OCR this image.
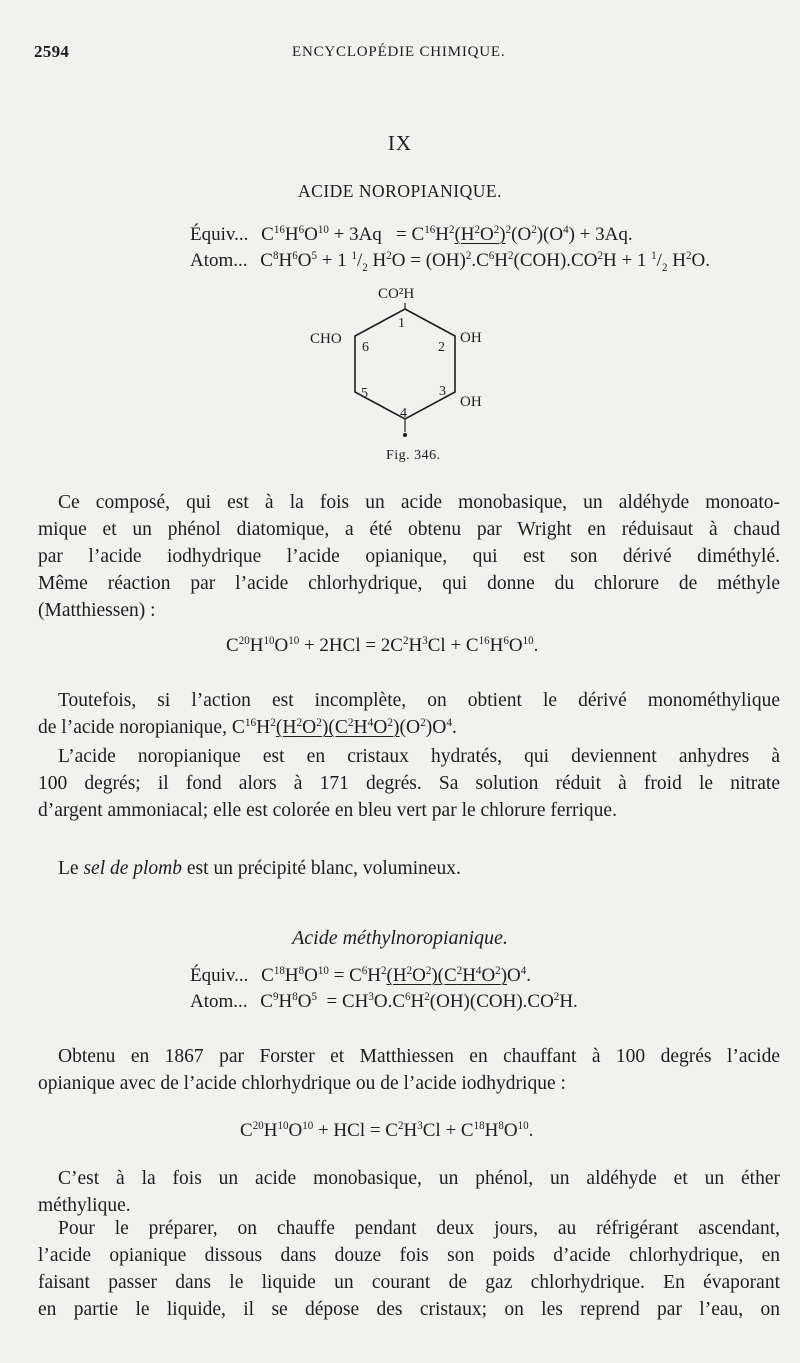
2594	ENCYCLOPÉDIE CHIMIQUE.
IX
ACIDE NOROPIANIQUE.
Équiv... $C^{16}H^6O^{10} + 3Aq = C^{16}H^2(H^2O^2)^2(O^2)(O^4) + 3Aq$.
Atom... $C^8H^6O^5 + 1$ $^1/_2$ $H^2O = (OH)^2.C^6H^2(COH).CO^2H + 1$ $^1/_2$ $H^2O$.
CO²H
CHO	OH
OH
1
2
3
4
5
6
Fig. 346.
Ce composé, qui est à la fois un acide monobasique, un aldéhyde monoato-
mique et un phénol diatomique, a été obtenu par Wright en réduisaut à chaud
par l’acide iodhydrique l’acide opianique, qui est son dérivé diméthylé.
Même réaction par l’acide chlorhydrique, qui donne du chlorure de méthyle
(Matthiessen) :
$C^{20}H^{10}O^{10} + 2HCl = 2C^2H^3Cl + C^{16}H^6O^{10}$.
Toutefois, si l’action est incomplète, on obtient le dérivé monométhylique
de l’acide noropianique, $C^{16}H^2(H^2O^2)(C^2H^4O^2)(O^2)O^4$.
L’acide noropianique est en cristaux hydratés, qui deviennent anhydres à
100 degrés; il fond alors à 171 degrés. Sa solution réduit à froid le nitrate
d’argent ammoniacal; elle est colorée en bleu vert par le chlorure ferrique.
Le sel de plomb est un précipité blanc, volumineux.
Acide méthylnoropianique.
Équiv... $C^{18}H^8O^{10} = C^6H^2(H^2O^2)(C^2H^4O^2)O^4$.
Atom... $C^9H^8O^5 = CH^3O.C^6H^2(OH)(COH).CO^2H$.
Obtenu en 1867 par Forster et Matthiessen en chauffant à 100 degrés l’acide
opianique avec de l’acide chlorhydrique ou de l’acide iodhydrique :
$C^{20}H^{10}O^{10}$ + HCl = $C^2H^3Cl + C^{18}H^8O^{10}$.
C’est à la fois un acide monobasique, un phénol, un aldéhyde et un éther
méthylique.
Pour le préparer, on chauffe pendant deux jours, au réfrigérant ascendant,
l’acide opianique dissous dans douze fois son poids d’acide chlorhydrique, en
faisant passer dans le liquide un courant de gaz chlorhydrique. En évaporant
en partie le liquide, il se dépose des cristaux; on les reprend par l’eau, on
